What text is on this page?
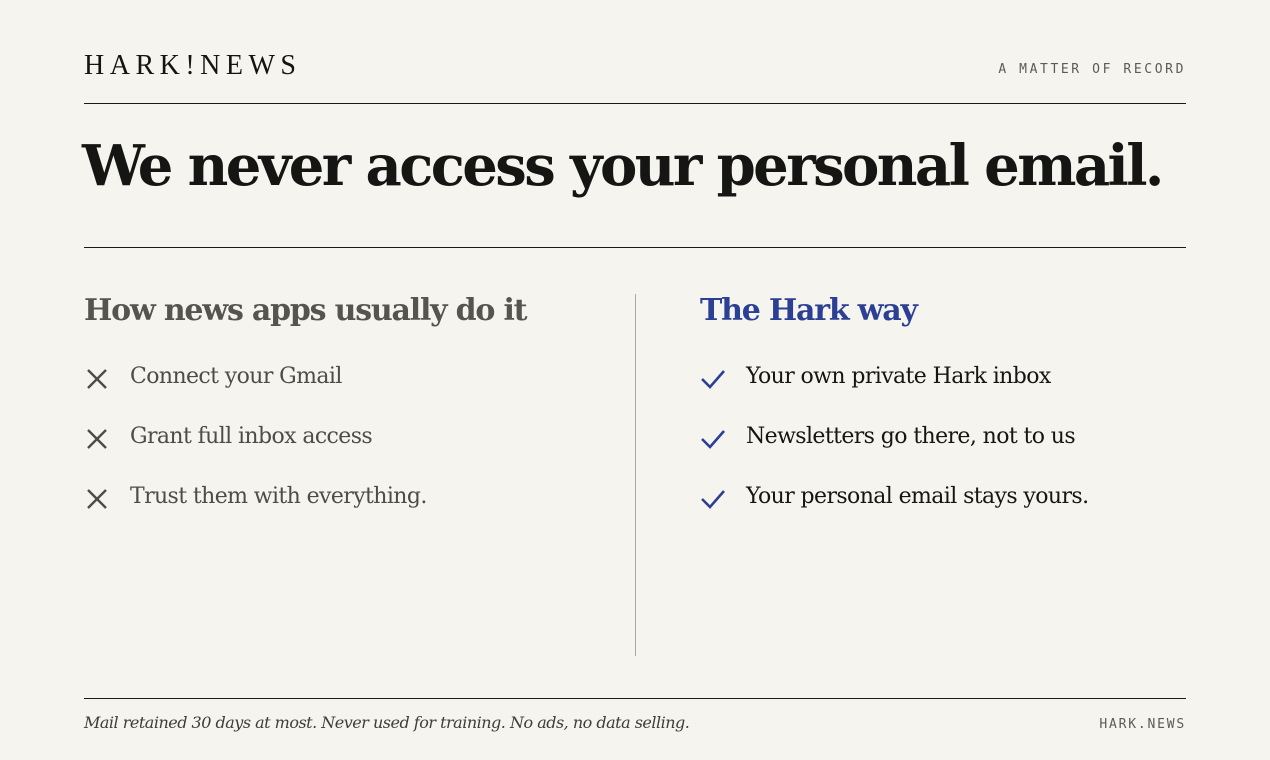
HARK!NEWS	A MATTER OF RECORD
We never access your personal email.
How news apps usually do it
Connect your Gmail
Grant full inbox access
Trust them with everything.
The Hark way
Your own private Hark inbox
Newsletters go there, not to us
Your personal email stays yours.

Mail retained 30 days at most. Never used for training. No ads, no data selling.	HARK.NEWS
